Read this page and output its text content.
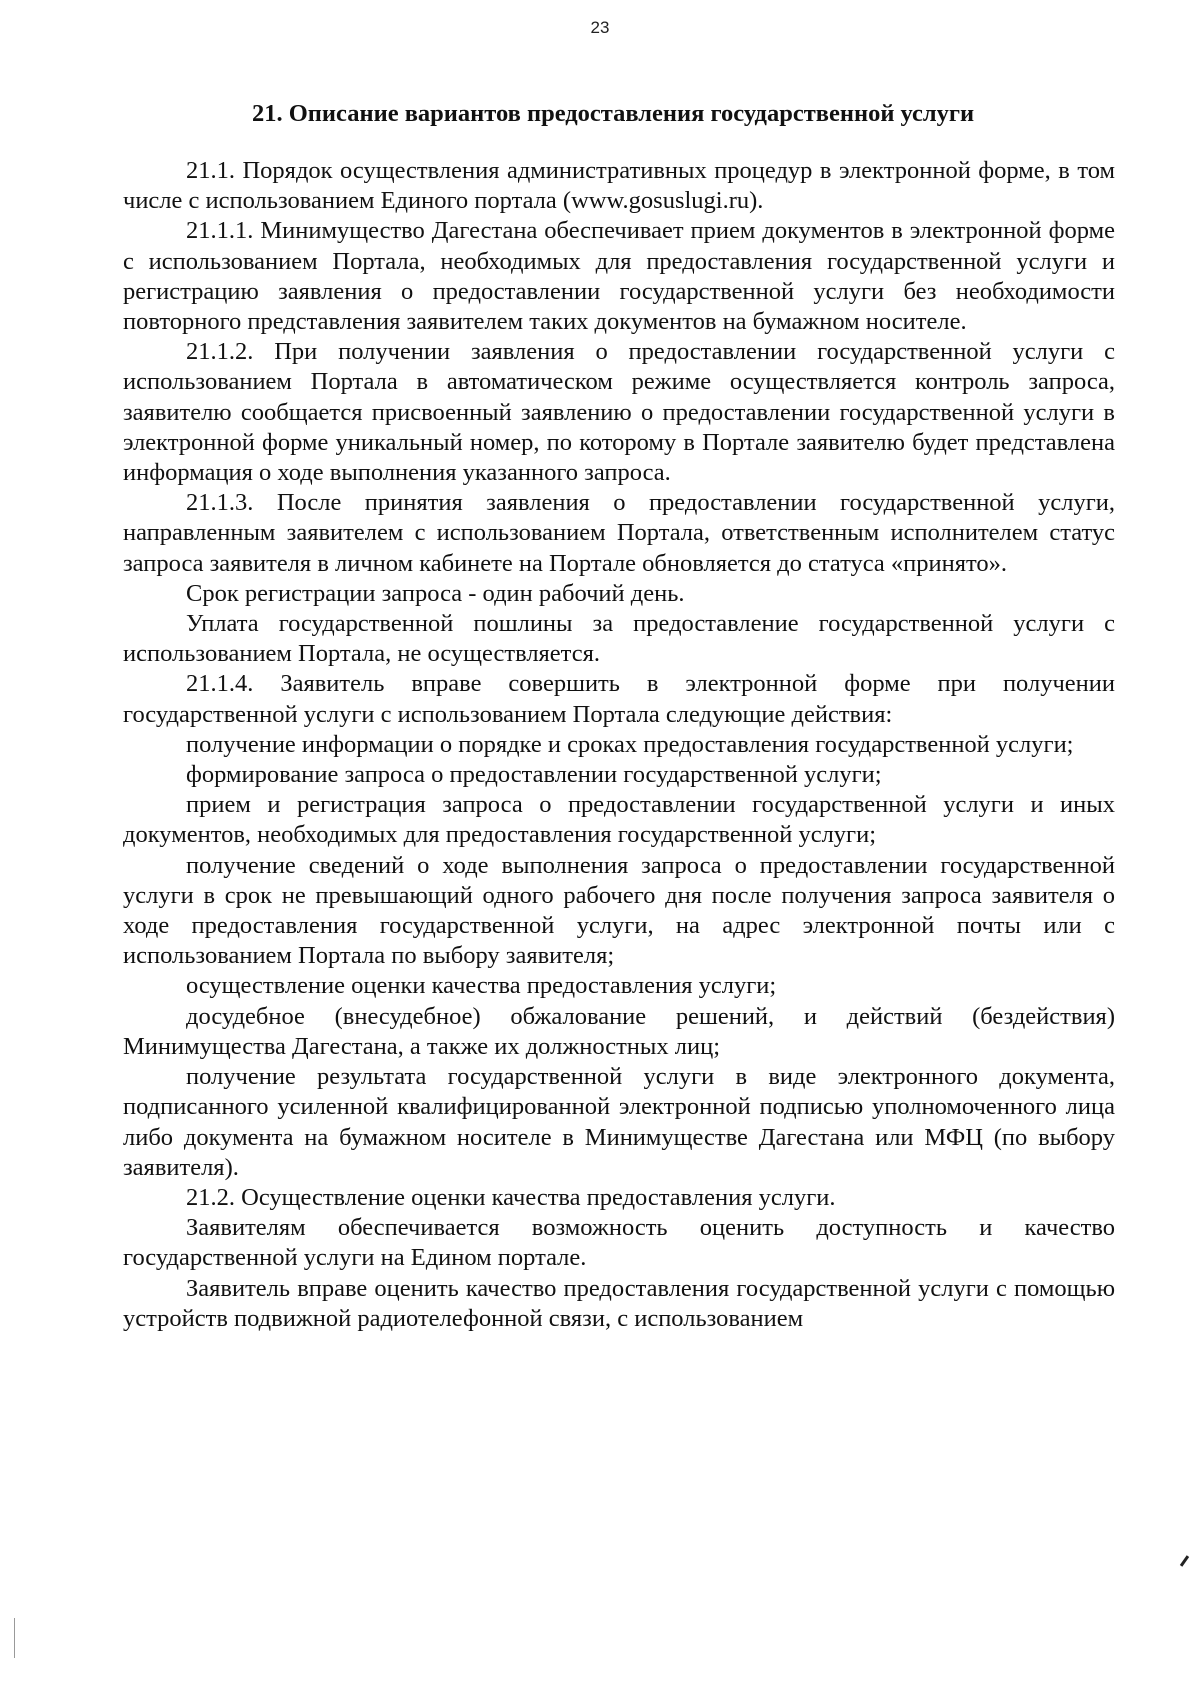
23
21. Описание вариантов предоставления государственной услуги

21.1. Порядок осуществления административных процедур в электронной форме, в том числе с использованием Единого портала (www.gosuslugi.ru).

21.1.1. Минимущество Дагестана обеспечивает прием документов в электронной форме с использованием Портала, необходимых для предоставления государственной услуги и регистрацию заявления о предоставлении государственной услуги без необходимости повторного представления заявителем таких документов на бумажном носителе.

21.1.2. При получении заявления о предоставлении государственной услуги с использованием Портала в автоматическом режиме осуществляется контроль запроса, заявителю сообщается присвоенный заявлению о предоставлении государственной услуги в электронной форме уникальный номер, по которому в Портале заявителю будет представлена информация о ходе выполнения указанного запроса.

21.1.3. После принятия заявления о предоставлении государственной услуги, направленным заявителем с использованием Портала, ответственным исполнителем статус запроса заявителя в личном кабинете на Портале обновляется до статуса «принято».

Срок регистрации запроса - один рабочий день.

Уплата государственной пошлины за предоставление государственной услуги с использованием Портала, не осуществляется.

21.1.4. Заявитель вправе совершить в электронной форме при получении государственной услуги с использованием Портала следующие действия:

получение информации о порядке и сроках предоставления государственной услуги;

формирование запроса о предоставлении государственной услуги;

прием и регистрация запроса о предоставлении государственной услуги и иных документов, необходимых для предоставления государственной услуги;

получение сведений о ходе выполнения запроса о предоставлении государственной услуги в срок не превышающий одного рабочего дня после получения запроса заявителя о ходе предоставления государственной услуги, на адрес электронной почты или с использованием Портала по выбору заявителя;

осуществление оценки качества предоставления услуги;

досудебное (внесудебное) обжалование решений, и действий (бездействия) Минимущества Дагестана, а также их должностных лиц;

получение результата государственной услуги в виде электронного документа, подписанного усиленной квалифицированной электронной подписью уполномоченного лица либо документа на бумажном носителе в Минимуществе Дагестана или МФЦ (по выбору заявителя).

21.2. Осуществление оценки качества предоставления услуги.

Заявителям обеспечивается возможность оценить доступность и качество государственной услуги на Едином портале.

Заявитель вправе оценить качество предоставления государственной услуги с помощью устройств подвижной радиотелефонной связи, с использованием
